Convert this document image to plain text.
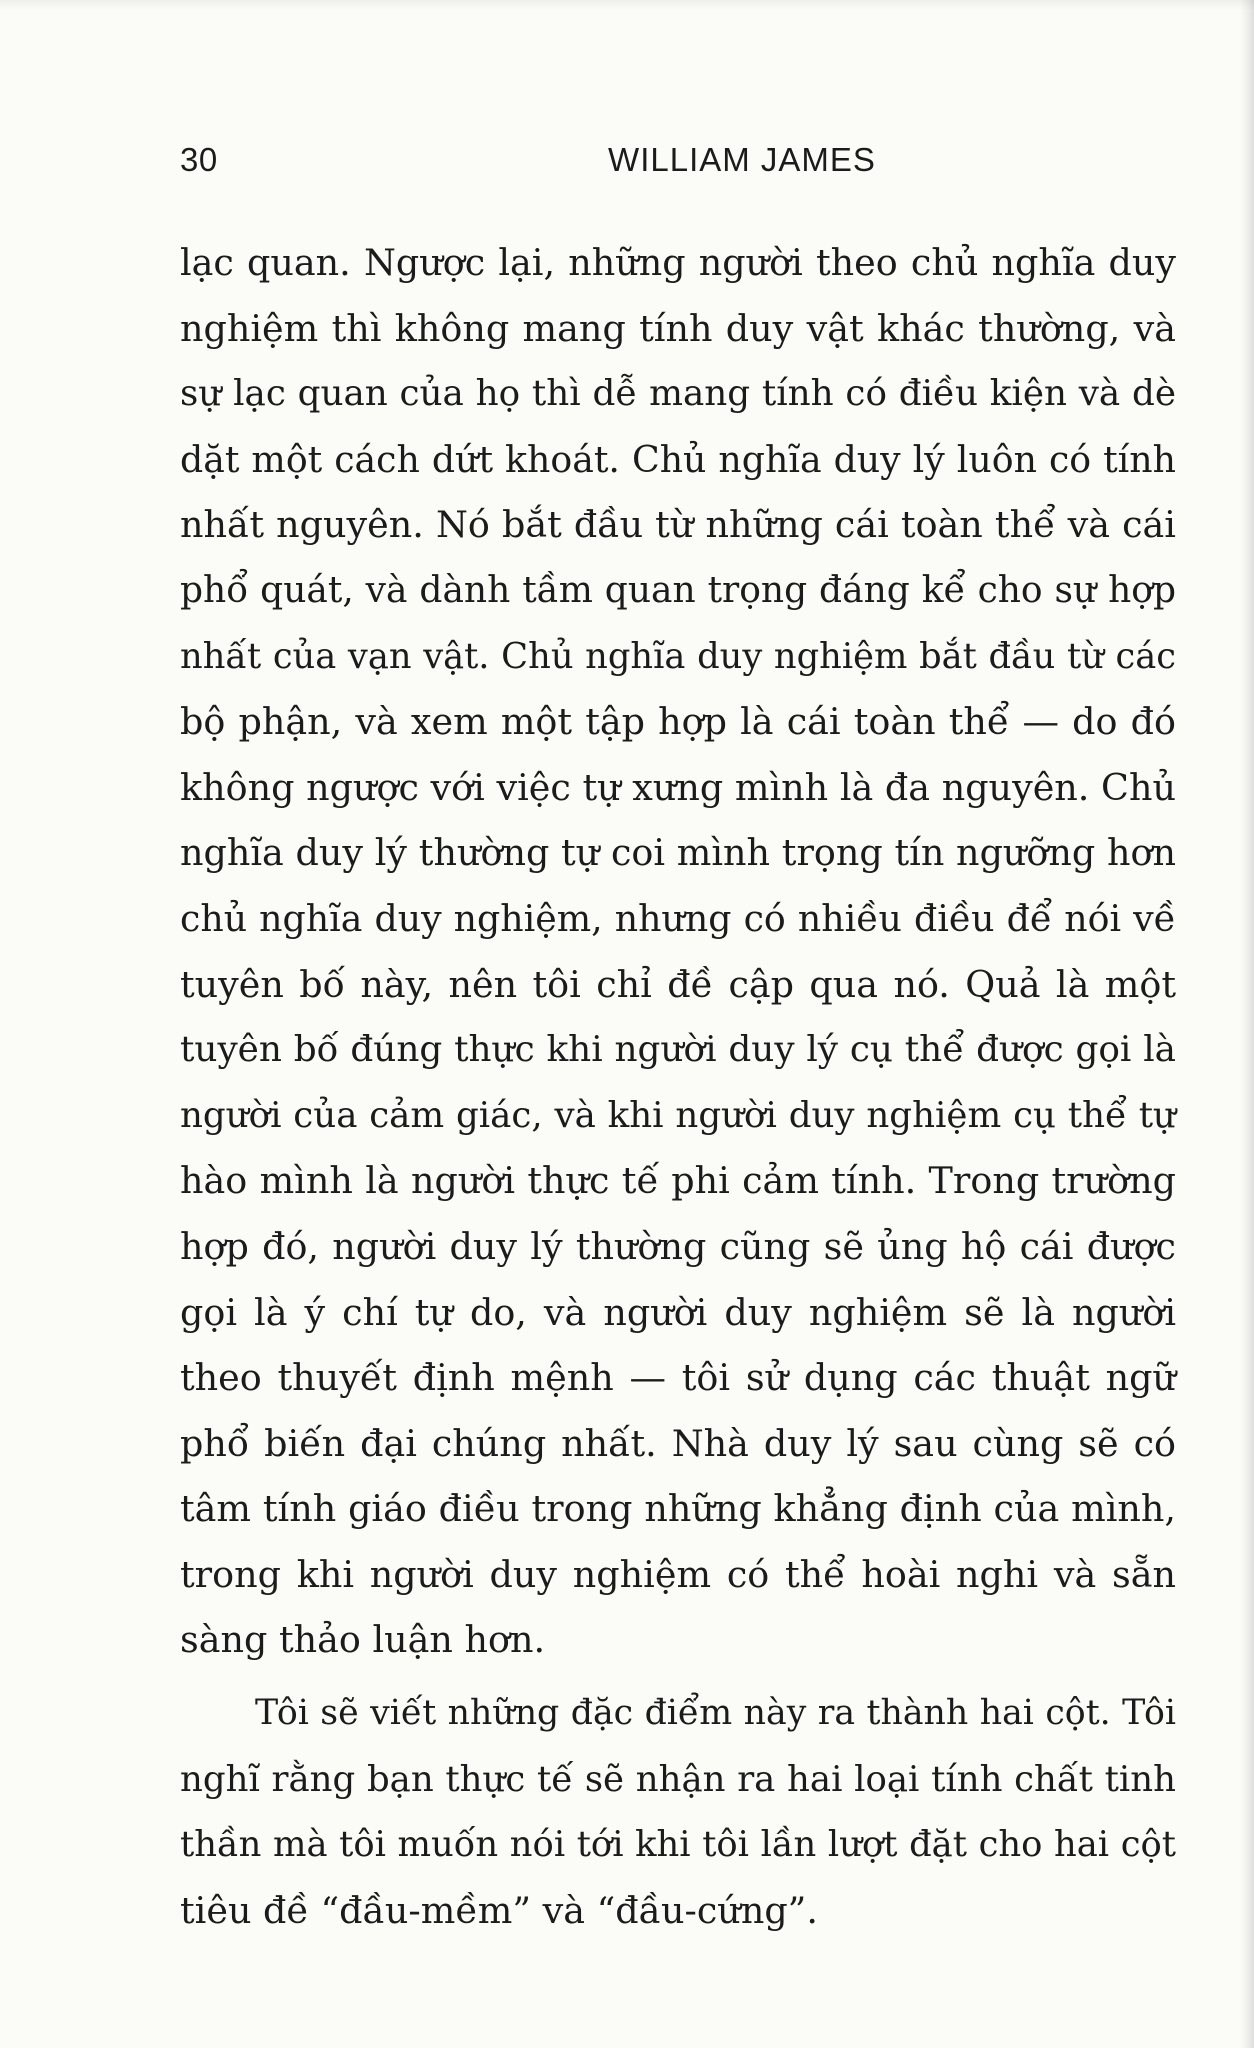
30	WILLIAM JAMES
lạc quan. Ngược lại, những người theo chủ nghĩa duy
nghiệm thì không mang tính duy vật khác thường, và
sự lạc quan của họ thì dễ mang tính có điều kiện và dè
dặt một cách dứt khoát. Chủ nghĩa duy lý luôn có tính
nhất nguyên. Nó bắt đầu từ những cái toàn thể và cái
phổ quát, và dành tầm quan trọng đáng kể cho sự hợp
nhất của vạn vật. Chủ nghĩa duy nghiệm bắt đầu từ các
bộ phận, và xem một tập hợp là cái toàn thể — do đó
không ngược với việc tự xưng mình là đa nguyên. Chủ
nghĩa duy lý thường tự coi mình trọng tín ngưỡng hơn
chủ nghĩa duy nghiệm, nhưng có nhiều điều để nói về
tuyên bố này, nên tôi chỉ đề cập qua nó. Quả là một
tuyên bố đúng thực khi người duy lý cụ thể được gọi là
người của cảm giác, và khi người duy nghiệm cụ thể tự
hào mình là người thực tế phi cảm tính. Trong trường
hợp đó, người duy lý thường cũng sẽ ủng hộ cái được
gọi là ý chí tự do, và người duy nghiệm sẽ là người
theo thuyết định mệnh — tôi sử dụng các thuật ngữ
phổ biến đại chúng nhất. Nhà duy lý sau cùng sẽ có
tâm tính giáo điều trong những khẳng định của mình,
trong khi người duy nghiệm có thể hoài nghi và sẵn
sàng thảo luận hơn.
Tôi sẽ viết những đặc điểm này ra thành hai cột. Tôi
nghĩ rằng bạn thực tế sẽ nhận ra hai loại tính chất tinh
thần mà tôi muốn nói tới khi tôi lần lượt đặt cho hai cột
tiêu đề “đầu-mềm” và “đầu-cứng”.
